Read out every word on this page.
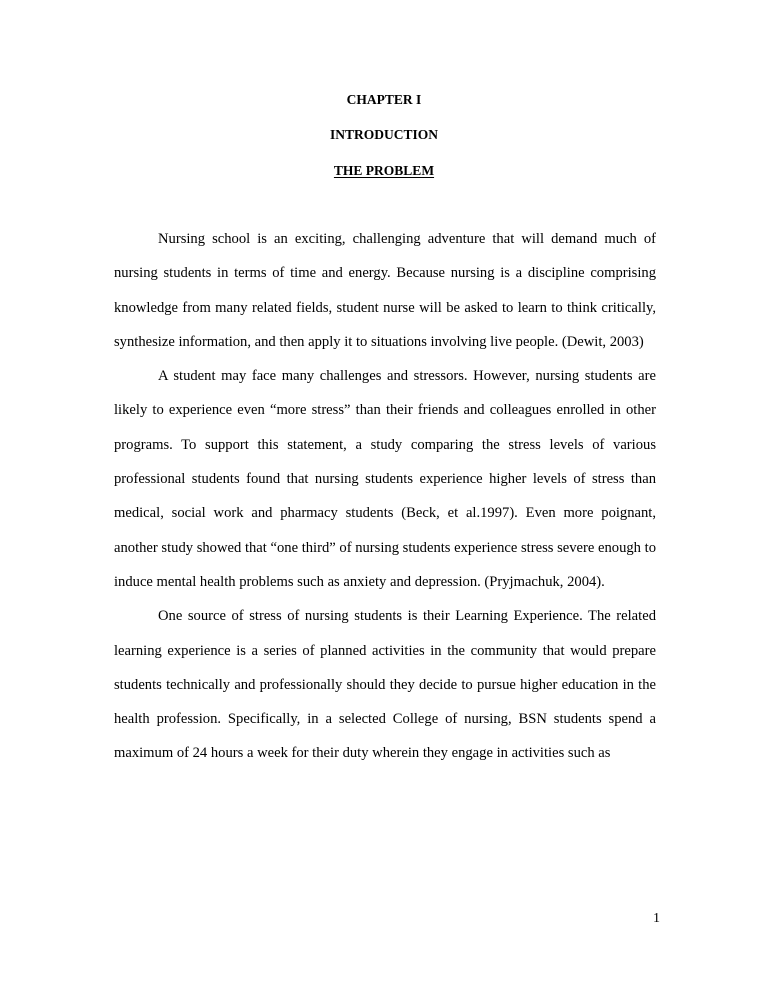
CHAPTER I
INTRODUCTION
THE PROBLEM

Nursing school is an exciting, challenging adventure that will demand much of nursing students in terms of time and energy. Because nursing is a discipline comprising knowledge from many related fields, student nurse will be asked to learn to think critically, synthesize information, and then apply it to situations involving live people. (Dewit, 2003)

A student may face many challenges and stressors. However, nursing students are likely to experience even “more stress” than their friends and colleagues enrolled in other programs. To support this statement, a study comparing the stress levels of various professional students found that nursing students experience higher levels of stress than medical, social work and pharmacy students (Beck, et al.1997). Even more poignant, another study showed that “one third” of nursing students experience stress severe enough to induce mental health problems such as anxiety and depression. (Pryjmachuk, 2004).

One source of stress of nursing students is their Learning Experience. The related learning experience is a series of planned activities in the community that would prepare students technically and professionally should they decide to pursue higher education in the health profession. Specifically, in a selected College of nursing, BSN students spend a maximum of 24 hours a week for their duty wherein they engage in activities such as

1
